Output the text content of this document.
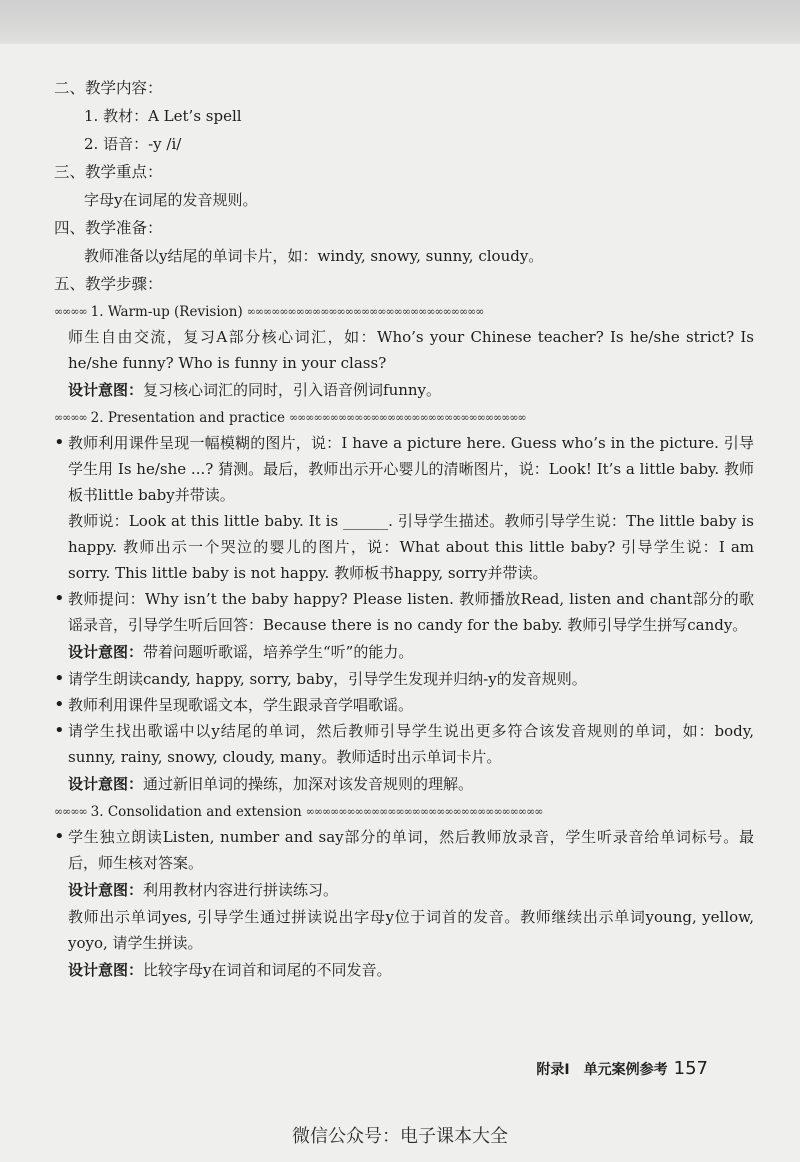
二、教学内容：
1. 教材：A Let’s spell
2. 语音：-y /i/
三、教学重点：
字母y在词尾的发音规则。
四、教学准备：
教师准备以y结尾的单词卡片，如：windy, snowy, sunny, cloudy。
五、教学步骤：
∞∞∞∞ 1. Warm-up (Revision) ∞∞∞∞∞∞∞∞∞∞∞∞∞∞∞∞∞∞∞∞∞∞∞∞∞∞∞∞∞

师生自由交流，复习A部分核心词汇，如：Who’s your Chinese teacher? Is he/she strict? Is he/she funny? Who is funny in your class?

设计意图：复习核心词汇的同时，引入语音例词funny。
∞∞∞∞ 2. Presentation and practice ∞∞∞∞∞∞∞∞∞∞∞∞∞∞∞∞∞∞∞∞∞∞∞∞∞∞∞∞∞
• 教师利用课件呈现一幅模糊的图片，说：I have a picture here. Guess who’s in the picture. 引导学生用 Is he/she ...? 猜测。最后，教师出示开心婴儿的清晰图片，说：Look! It’s a little baby. 教师板书little baby并带读。

教师说：Look at this little baby. It is ______. 引导学生描述。教师引导学生说：The little baby is happy. 教师出示一个哭泣的婴儿的图片，说：What about this little baby? 引导学生说：I am sorry. This little baby is not happy. 教师板书happy, sorry并带读。

• 教师提问：Why isn’t the baby happy? Please listen. 教师播放Read, listen and chant部分的歌谣录音，引导学生听后回答：Because there is no candy for the baby. 教师引导学生拼写candy。
设计意图：带着问题听歌谣，培养学生“听”的能力。
• 请学生朗读candy, happy, sorry, baby，引导学生发现并归纳-y的发音规则。
• 教师利用课件呈现歌谣文本，学生跟录音学唱歌谣。
• 请学生找出歌谣中以y结尾的单词，然后教师引导学生说出更多符合该发音规则的单词，如：body, sunny, rainy, snowy, cloudy, many。教师适时出示单词卡片。
设计意图：通过新旧单词的操练，加深对该发音规则的理解。
∞∞∞∞ 3. Consolidation and extension ∞∞∞∞∞∞∞∞∞∞∞∞∞∞∞∞∞∞∞∞∞∞∞∞∞∞∞∞∞
• 学生独立朗读Listen, number and say部分的单词，然后教师放录音，学生听录音给单词标号。最后，师生核对答案。
设计意图：利用教材内容进行拼读练习。

教师出示单词yes, 引导学生通过拼读说出字母y位于词首的发音。教师继续出示单词young, yellow, yoyo, 请学生拼读。

设计意图：比较字母y在词首和词尾的不同发音。
附录I　单元案例参考 157
微信公众号：电子课本大全
